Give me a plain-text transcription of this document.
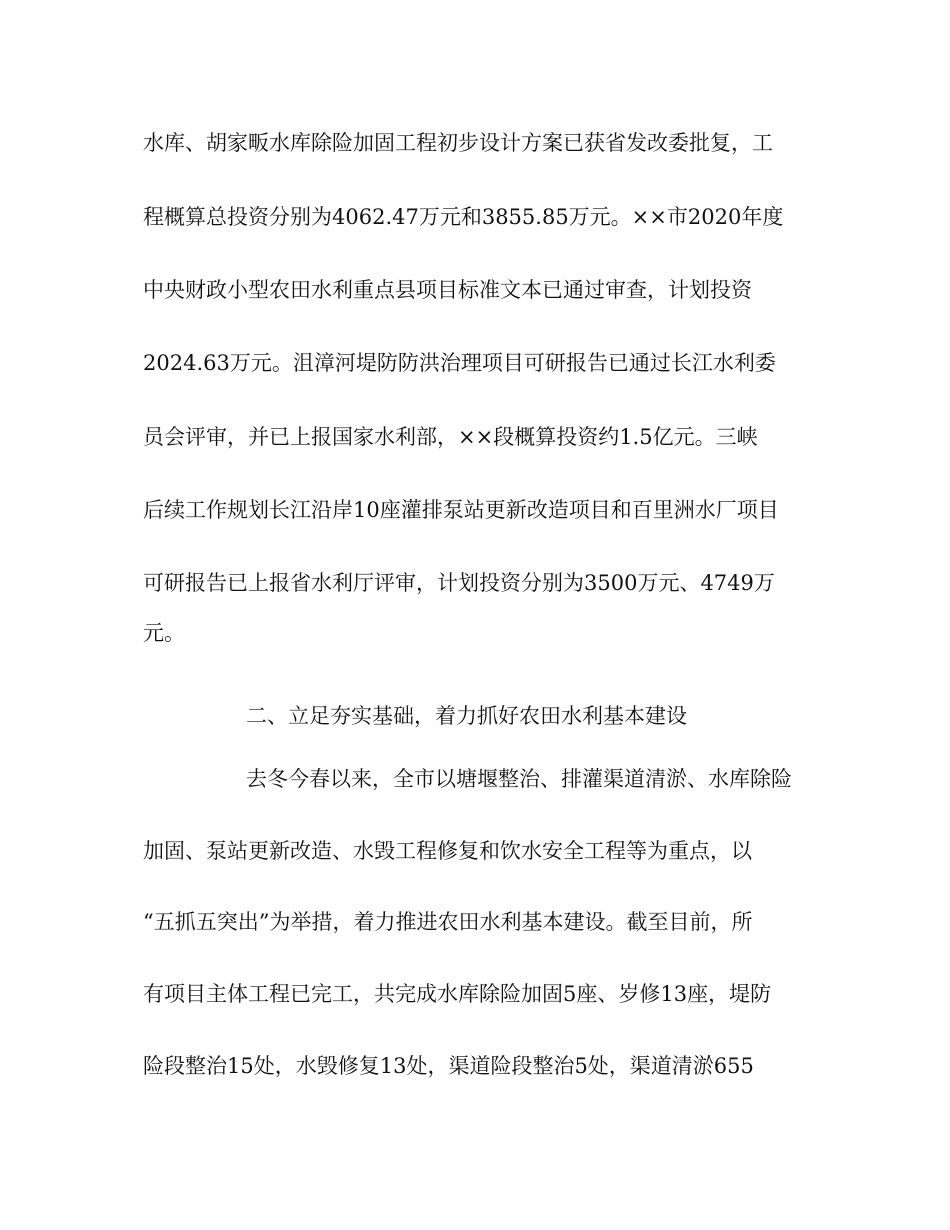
水库、胡家畈水库除险加固工程初步设计方案已获省发改委批复，工
程概算总投资分别为4062.47万元和3855.85万元。××市2020年度
中央财政小型农田水利重点县项目标准文本已通过审查，计划投资
2024.63万元。沮漳河堤防防洪治理项目可研报告已通过长江水利委
员会评审，并已上报国家水利部，××段概算投资约1.5亿元。三峡
后续工作规划长江沿岸10座灌排泵站更新改造项目和百里洲水厂项目
可研报告已上报省水利厅评审，计划投资分别为3500万元、4749万
元。
二、立足夯实基础，着力抓好农田水利基本建设
去冬今春以来，全市以塘堰整治、排灌渠道清淤、水库除险
加固、泵站更新改造、水毁工程修复和饮水安全工程等为重点，以
“五抓五突出”为举措，着力推进农田水利基本建设。截至目前，所
有项目主体工程已完工，共完成水库除险加固5座、岁修13座，堤防
险段整治15处，水毁修复13处，渠道险段整治5处，渠道清淤655
